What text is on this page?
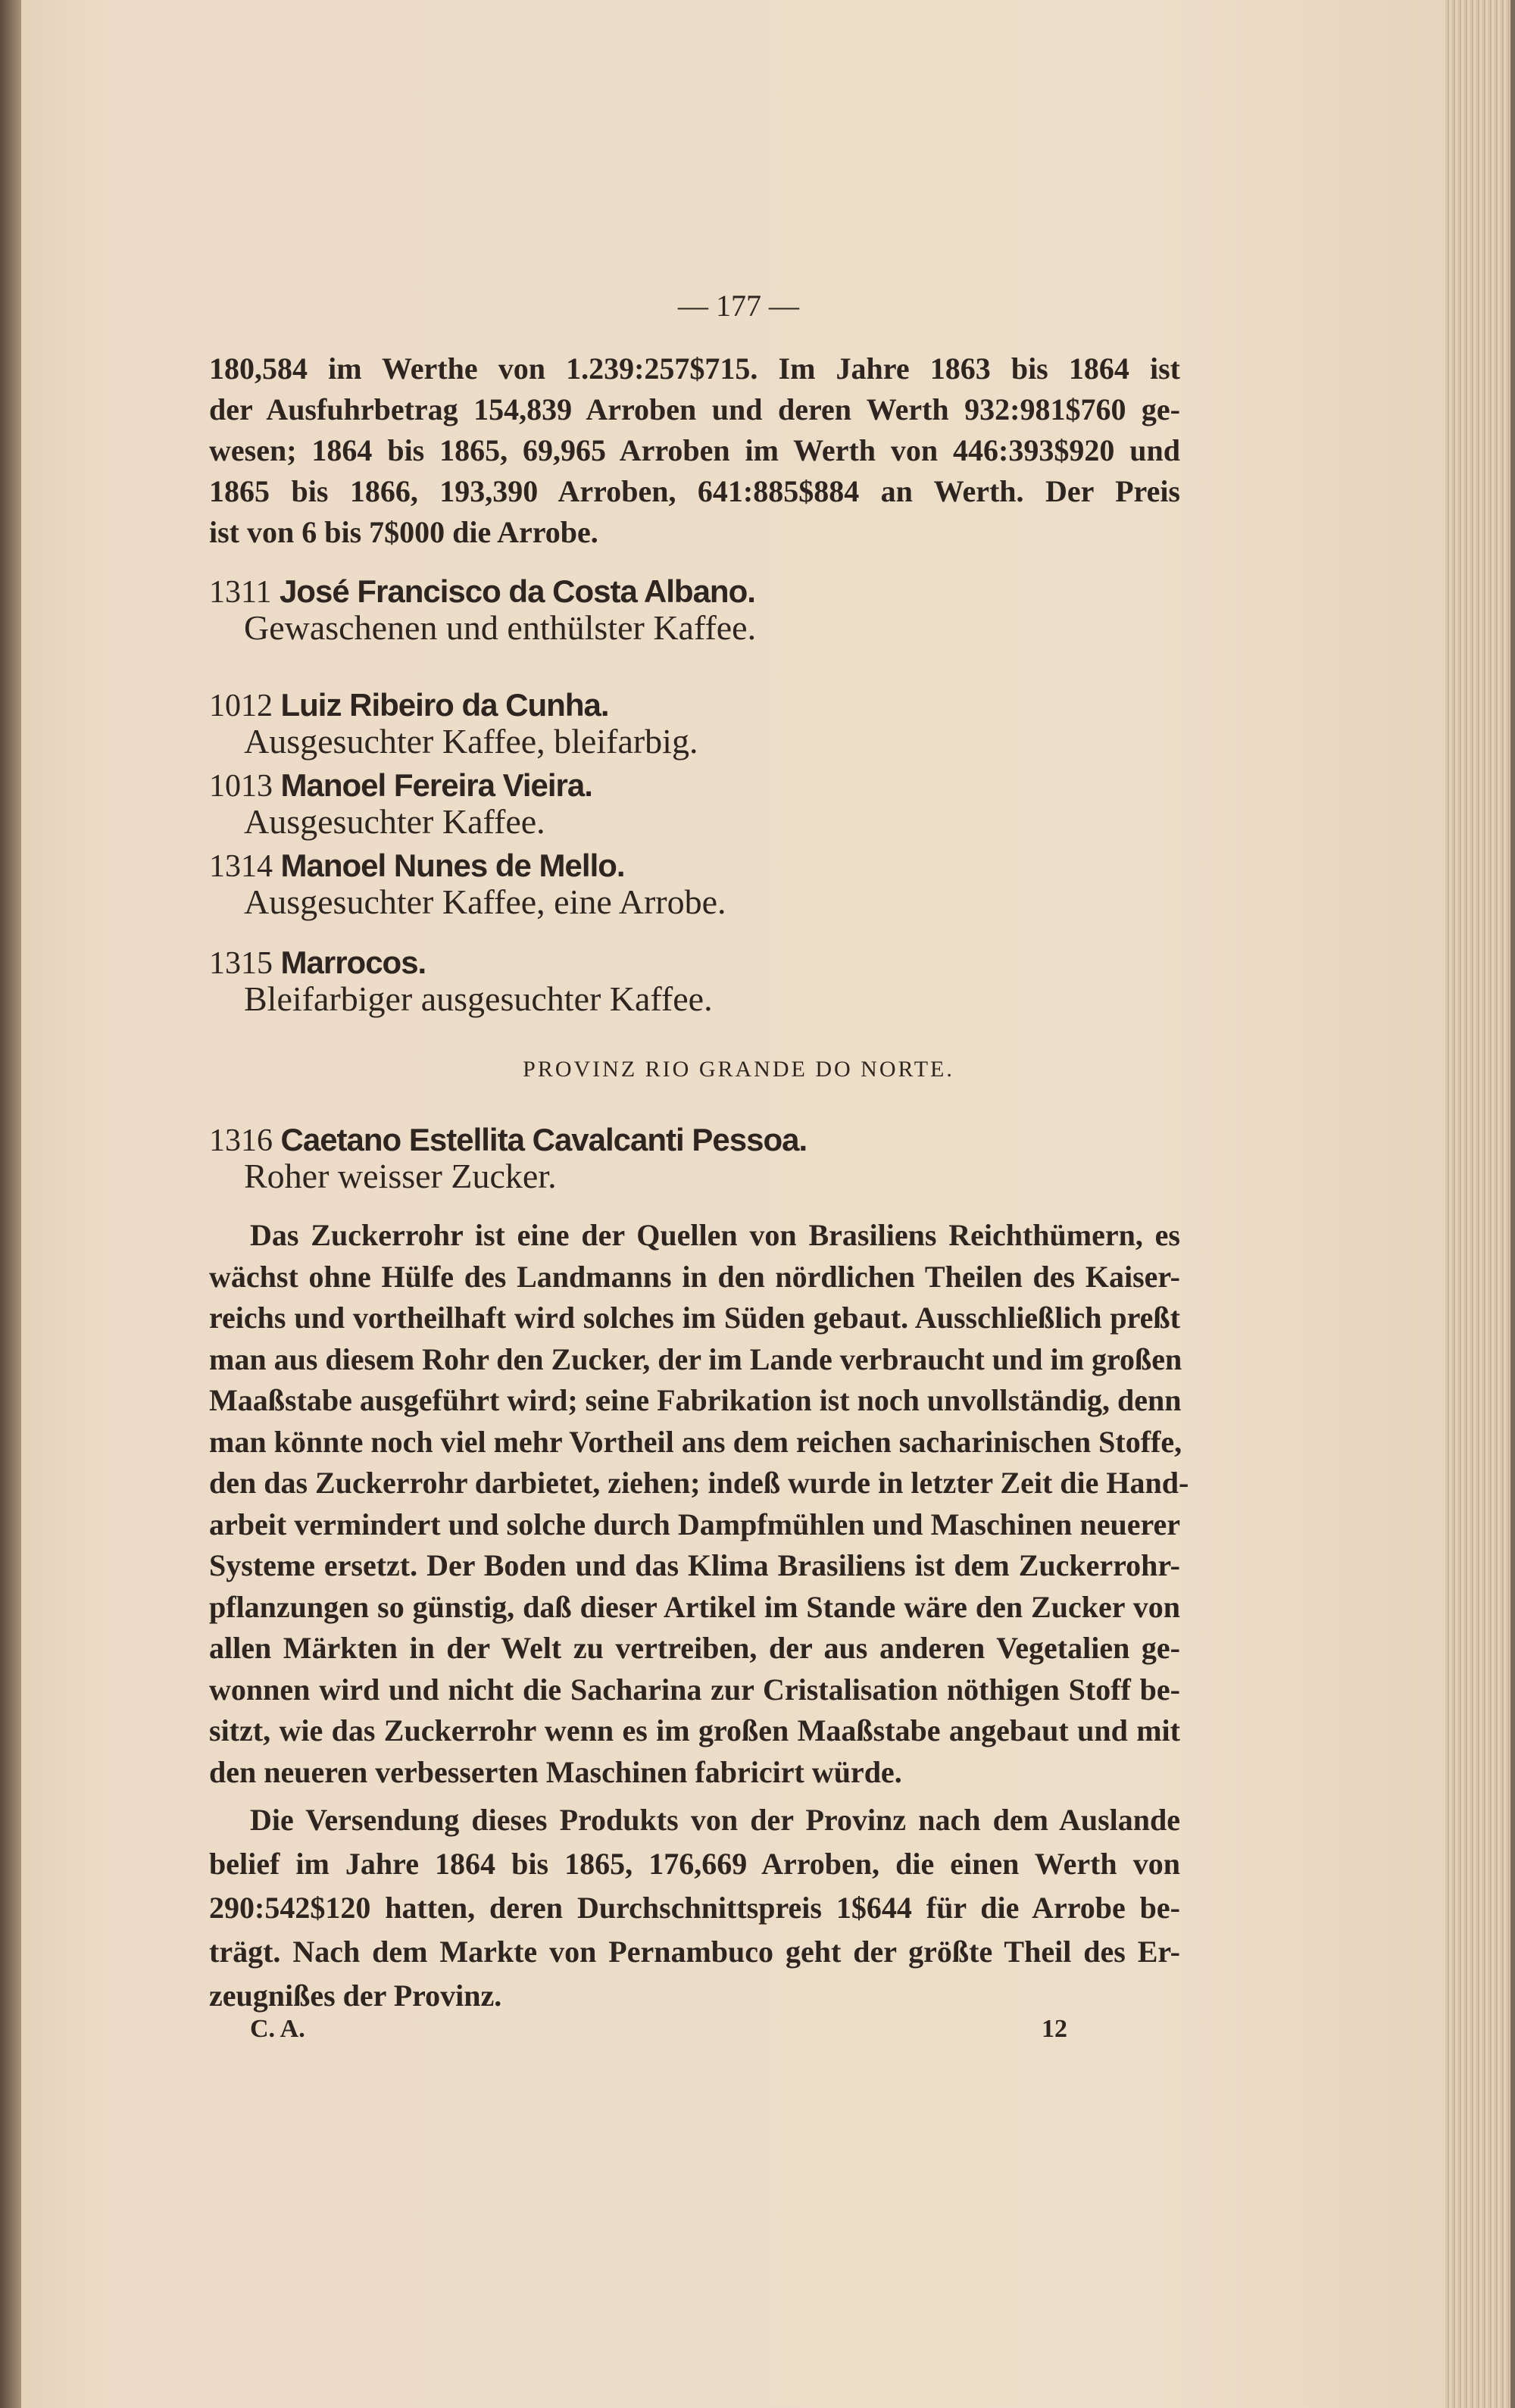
— 177 —
180,584 im Werthe von 1.239:257$715. Im Jahre 1863 bis 1864 ist
der Ausfuhrbetrag 154,839 Arroben und deren Werth 932:981$760 ge-
wesen; 1864 bis 1865, 69,965 Arroben im Werth von 446:393$920 und
1865 bis 1866, 193,390 Arroben, 641:885$884 an Werth. Der Preis
ist von 6 bis 7$000 die Arrobe.
1311 José Francisco da Costa Albano.
Gewaschenen und enthülster Kaffee.
1012 Luiz Ribeiro da Cunha.
Ausgesuchter Kaffee, bleifarbig.
1013 Manoel Fereira Vieira.
Ausgesuchter Kaffee.
1314 Manoel Nunes de Mello.
Ausgesuchter Kaffee, eine Arrobe.
1315 Marrocos.
Bleifarbiger ausgesuchter Kaffee.
PROVINZ RIO GRANDE DO NORTE.
1316 Caetano Estellita Cavalcanti Pessoa.
Roher weisser Zucker.
Das Zuckerrohr ist eine der Quellen von Brasiliens Reichthümern, es
wächst ohne Hülfe des Landmanns in den nördlichen Theilen des Kaiser-
reichs und vortheilhaft wird solches im Süden gebaut. Ausschließlich preßt
man aus diesem Rohr den Zucker, der im Lande verbraucht und im großen
Maaßstabe ausgeführt wird; seine Fabrikation ist noch unvollständig, denn
man könnte noch viel mehr Vortheil ans dem reichen sacharinischen Stoffe,
den das Zuckerrohr darbietet, ziehen; indeß wurde in letzter Zeit die Hand-
arbeit vermindert und solche durch Dampfmühlen und Maschinen neuerer
Systeme ersetzt. Der Boden und das Klima Brasiliens ist dem Zuckerrohr-
pflanzungen so günstig, daß dieser Artikel im Stande wäre den Zucker von
allen Märkten in der Welt zu vertreiben, der aus anderen Vegetalien ge-
wonnen wird und nicht die Sacharina zur Cristalisation nöthigen Stoff be-
sitzt, wie das Zuckerrohr wenn es im großen Maaßstabe angebaut und mit
den neueren verbesserten Maschinen fabricirt würde.
Die Versendung dieses Produkts von der Provinz nach dem Auslande
belief im Jahre 1864 bis 1865, 176,669 Arroben, die einen Werth von
290:542$120 hatten, deren Durchschnittspreis 1$644 für die Arrobe be-
trägt. Nach dem Markte von Pernambuco geht der größte Theil des Er-
zeugnißes der Provinz.
C. A.	12
